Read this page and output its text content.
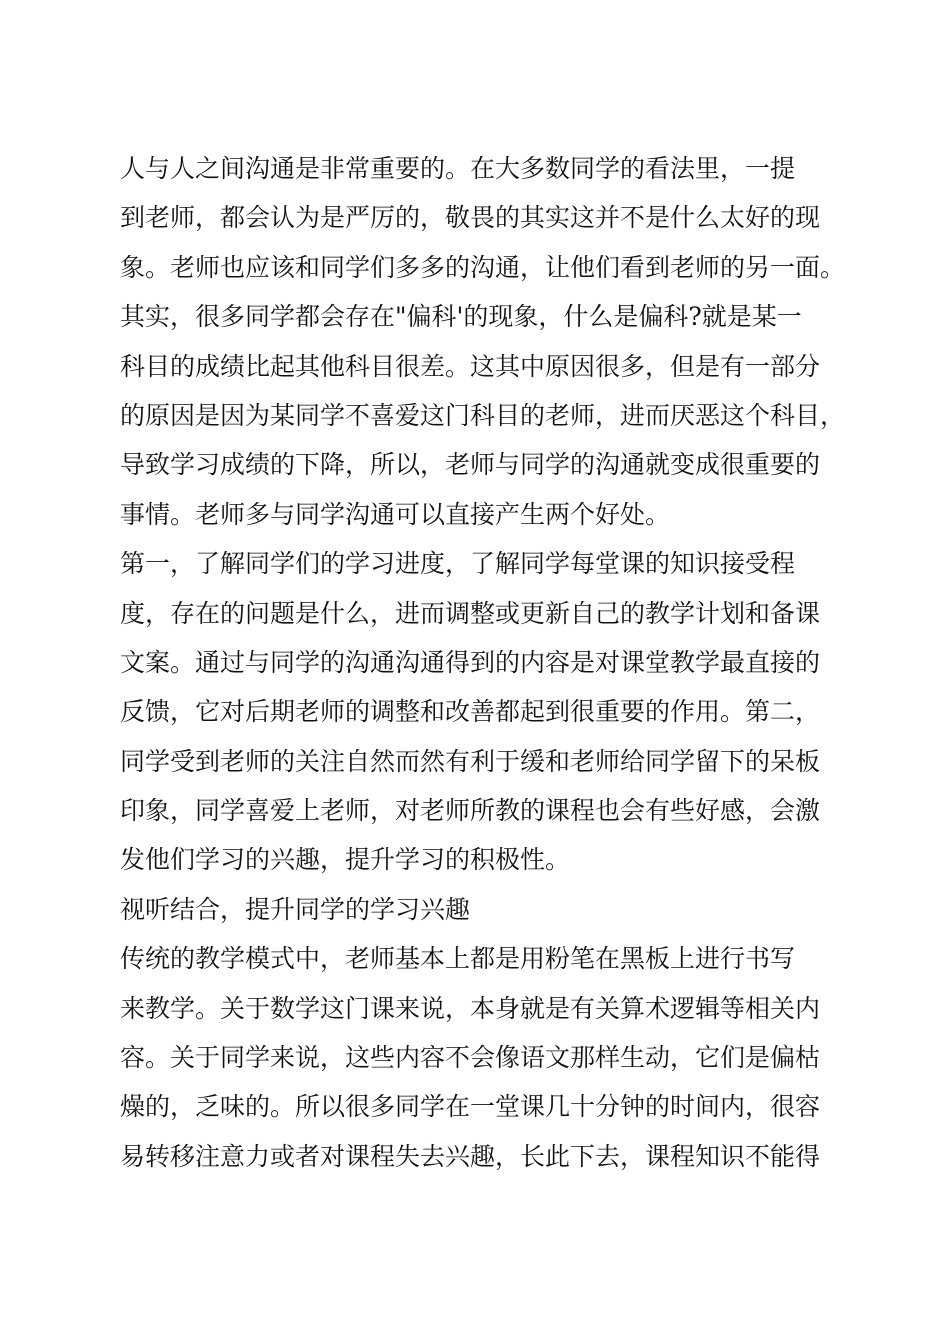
人与人之间沟通是非常重要的。在大多数同学的看法里，一提
到老师，都会认为是严厉的，敬畏的其实这并不是什么太好的现
象。老师也应该和同学们多多的沟通，让他们看到老师的另一面。
其实，很多同学都会存在"偏科'的现象，什么是偏科?就是某一
科目的成绩比起其他科目很差。这其中原因很多，但是有一部分
的原因是因为某同学不喜爱这门科目的老师，进而厌恶这个科目，
导致学习成绩的下降，所以，老师与同学的沟通就变成很重要的
事情。老师多与同学沟通可以直接产生两个好处。
第一，了解同学们的学习进度，了解同学每堂课的知识接受程
度，存在的问题是什么，进而调整或更新自己的教学计划和备课
文案。通过与同学的沟通沟通得到的内容是对课堂教学最直接的
反馈，它对后期老师的调整和改善都起到很重要的作用。第二，
同学受到老师的关注自然而然有利于缓和老师给同学留下的呆板
印象，同学喜爱上老师，对老师所教的课程也会有些好感，会激
发他们学习的兴趣，提升学习的积极性。
视听结合，提升同学的学习兴趣
传统的教学模式中，老师基本上都是用粉笔在黑板上进行书写
来教学。关于数学这门课来说，本身就是有关算术逻辑等相关内
容。关于同学来说，这些内容不会像语文那样生动，它们是偏枯
燥的，乏味的。所以很多同学在一堂课几十分钟的时间内，很容
易转移注意力或者对课程失去兴趣，长此下去，课程知识不能得
